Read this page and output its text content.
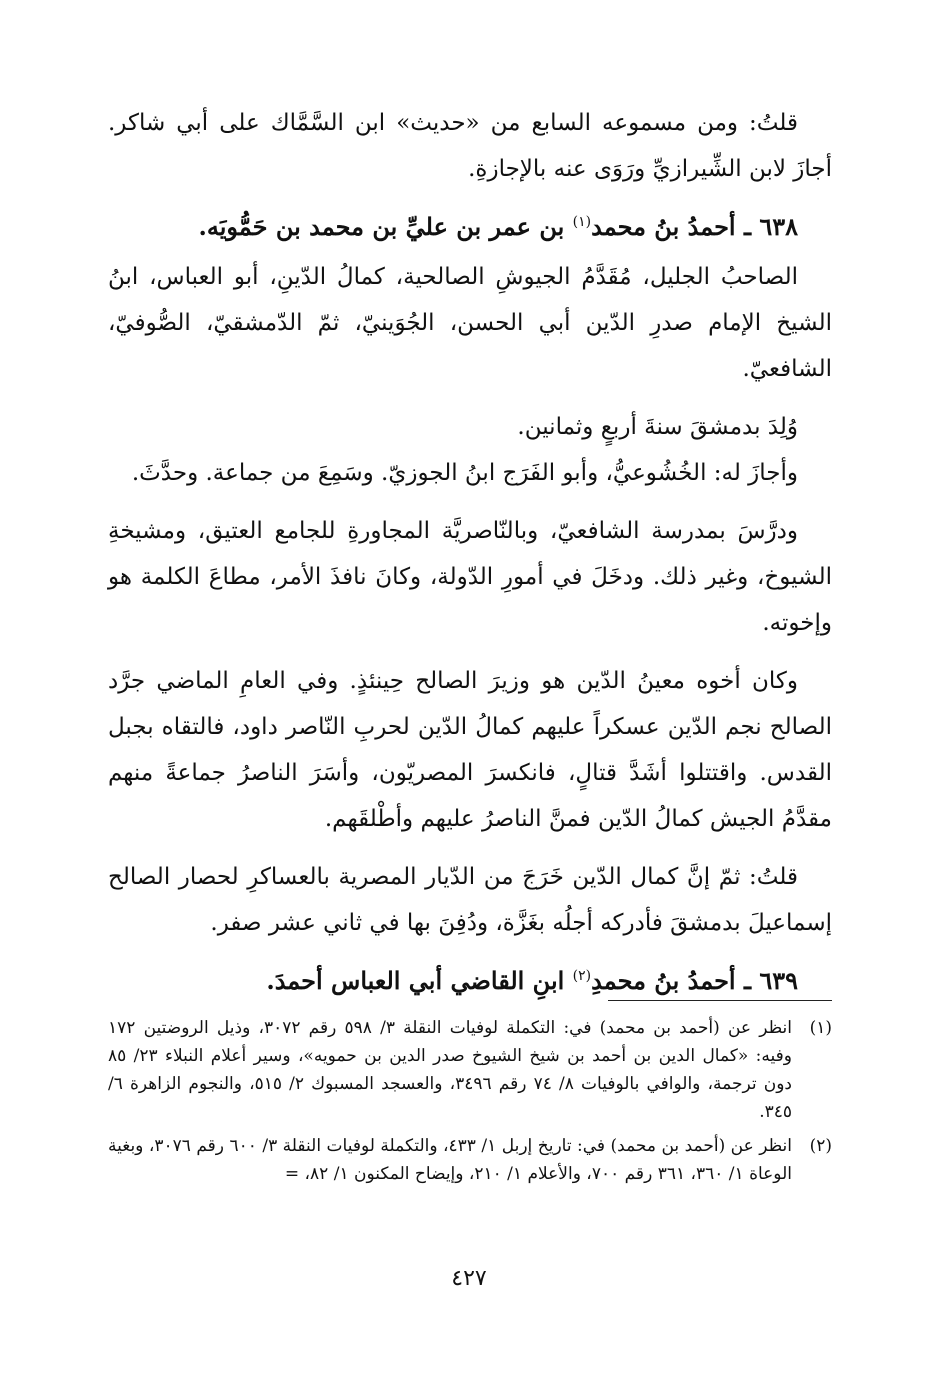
قلتُ: ومن مسموعه السابع من «حديث» ابن السَّمَّاك على أبي شاكر. أجازَ لابن الشِّيرازيِّ ورَوَى عنه بالإجازةِ.

٦٣٨ ـ أحمدُ بنُ محمد$^{(١)}$ بن عمر بن عليِّ بن محمد بن حَمُّويَه.

الصاحبُ الجليل، مُقَدَّمُ الجيوشِ الصالحية، كمالُ الدّينِ، أبو العباس، ابنُ الشيخ الإمام صدرِ الدّين أبي الحسن، الجُوَينيّ، ثمّ الدّمشقيّ، الصُّوفيّ، الشافعيّ.

وُلِدَ بدمشقَ سنةَ أربعٍ وثمانين.

وأجازَ له: الخُشُوعيُّ، وأبو الفَرَج ابنُ الجوزيّ. وسَمِعَ من جماعة. وحدَّثَ.

ودرَّسَ بمدرسة الشافعيّ، وبالنّاصريَّة المجاورةِ للجامع العتيق، ومشيخةِ الشيوخ، وغير ذلك. ودخَلَ في أمورِ الدّولة، وكانَ نافذَ الأمر، مطاعَ الكلمة هو وإخوته.

وكان أخوه معينُ الدّين هو وزيرَ الصالح حِينئذٍ. وفي العامِ الماضي جرَّد الصالح نجم الدّين عسكراً عليهم كمالُ الدّين لحربِ النّاصر داود، فالتقاه بجبل القدس. واقتتلوا أشَدَّ قتالٍ، فانكسرَ المصريّون، وأسَرَ الناصرُ جماعةً منهم مقدَّمُ الجيش كمالُ الدّين فمنَّ الناصرُ عليهم وأطْلقَهم.

قلتُ: ثمّ إنَّ كمال الدّين خَرَجَ من الدّيار المصرية بالعساكرِ لحصار الصالح إسماعيلَ بدمشقَ فأدركه أجلُه بغَزَّة، ودُفِنَ بها في ثاني عشر صفر.

٦٣٩ ـ أحمدُ بنُ محمدِ$^{(٢)}$ ابنِ القاضي أبي العباس أحمدَ.

(١)
انظر عن (أحمد بن محمد) في: التكملة لوفيات النقلة ٣/ ٥٩٨ رقم ٣٠٧٢، وذيل الروضتين ١٧٢ وفيه: «كمال الدين بن أحمد بن شيخ الشيوخ صدر الدين بن حمويه»، وسير أعلام النبلاء ٢٣/ ٨٥ دون ترجمة، والوافي بالوفيات ٨/ ٧٤ رقم ٣٤٩٦، والعسجد المسبوك ٢/ ٥١٥، والنجوم الزاهرة ٦/ ٣٤٥.
(٢)
انظر عن (أحمد بن محمد) في: تاريخ إربل ١/ ٤٣٣، والتكملة لوفيات النقلة ٣/ ٦٠٠ رقم ٣٠٧٦، وبغية الوعاة ١/ ٣٦٠، ٣٦١ رقم ٧٠٠، والأعلام ١/ ٢١٠، وإيضاح المكنون ١/ ٨٢، =
٤٢٧
